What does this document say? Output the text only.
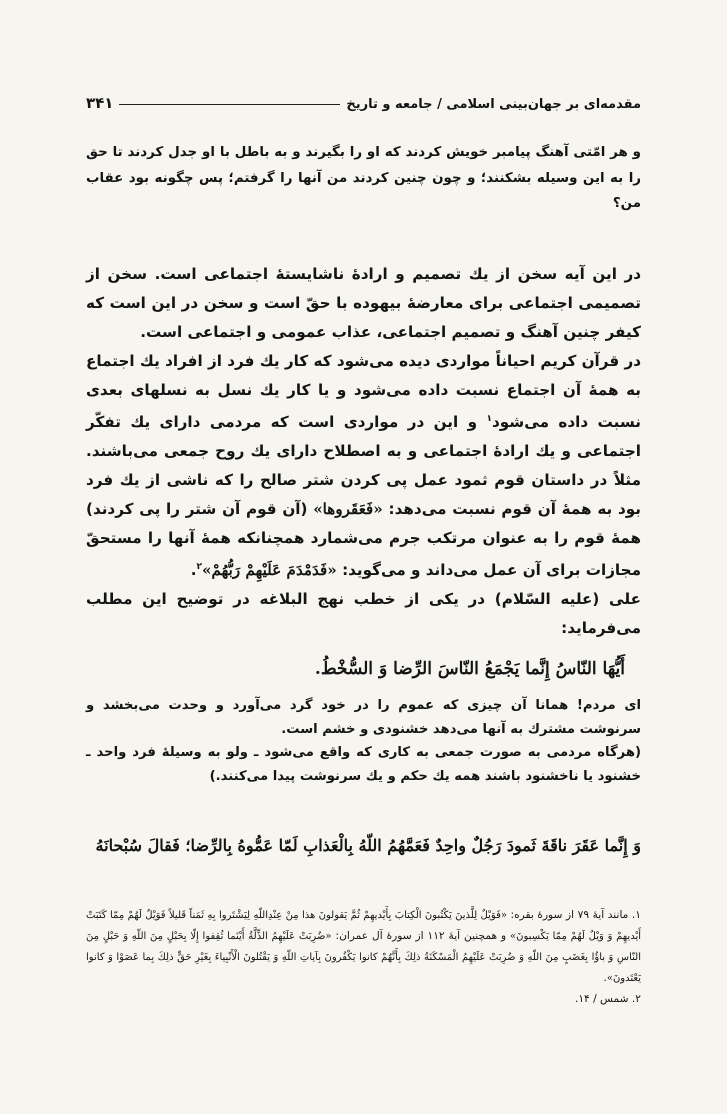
مقدمه‌ای بر جهان‌بینی اسلامی / جامعه و تاریخ
۳۴۱

و هر امّتی آهنگ پیامبر خویش کردند که او را بگیرند و به باطل با او جدل کردند تا حق را به این وسیله بشکنند؛ و چون چنین کردند من آنها را گرفتم؛ پس چگونه بود عقاب من؟

در این آیه سخن از یك تصمیم و ارادهٔ ناشایستهٔ اجتماعی است. سخن از تصمیمی اجتماعی برای معارضهٔ بیهوده با حقّ است و سخن در این است که کیفر چنین آهنگ و تصمیم اجتماعی، عذاب عمومی و اجتماعی است.

در قرآن کریم احیاناً مواردی دیده می‌شود که کار یك فرد از افراد یك اجتماع به همهٔ آن اجتماع نسبت داده می‌شود و یا کار یك نسل به نسلهای بعدی نسبت داده می‌شود$^۱$ و این در مواردی است که مردمی دارای یك تفکّر اجتماعی و یك ارادهٔ اجتماعی و به اصطلاح دارای یك روح جمعی می‌باشند. مثلاً در داستان قوم ثمود عمل پی کردن شتر صالح را که ناشی از یك فرد بود به همهٔ آن قوم نسبت می‌دهد: «فَعَقَروها» (آن قوم آن شتر را پی کردند) همهٔ قوم را به عنوان مرتکب جرم می‌شمارد همچنانکه همهٔ آنها را مستحقّ مجازات برای آن عمل می‌داند و می‌گوید: «فَدَمْدَمَ عَلَیْهِمْ رَبُّهُمْ»$^۲$.

علی (علیه السّلام) در یکی از خطب نهج البلاغه در توضیح این مطلب می‌فرماید:

أَیُّهَا النّاسُ إِنَّما یَجْمَعُ النّاسَ الرِّضا وَ السُّخْطُ.

ای مردم! همانا آن چیزی که عموم را در خود گرد می‌آورد و وحدت می‌بخشد و سرنوشت مشترك به آنها می‌دهد خشنودی و خشم است.

(هرگاه مردمی به صورت جمعی به کاری که واقع می‌شود ـ ولو به وسیلهٔ فرد واحد ـ خشنود یا ناخشنود باشند همه یك حکم و یك سرنوشت پیدا می‌کنند.)

وَ إِنَّما عَقَرَ ناقَةَ ثَمودَ رَجُلٌ واحِدٌ فَعَمَّهُمُ اللّهُ بِالْعَذابِ لَمّا عَمُّوهُ بِالرِّضا؛ فَقالَ سُبْحانَهُ

۱. مانند آیهٔ ۷۹ از سورهٔ بقره: «فَوَیْلٌ لِلَّذینَ یَکْتُبونَ الْکِتابَ بِأَیْدیهِمْ ثُمَّ یَقولونَ هذا مِنْ عِنْدِاللّهِ لِیَشْتَروا بِهِ ثَمَناً قَلیلاً فَوَیْلٌ لَهُمْ مِمّا کَتَبَتْ أَیْدیهِمْ وَ وَیْلٌ لَهُمْ مِمّا یَکْسِبونَ» و همچنین آیهٔ ۱۱۲ از سورهٔ آل عمران: «ضُرِبَتْ عَلَیْهِمُ الذِّلَّةُ أَیْنَما ثُقِفوا إِلّا بِحَبْلٍ مِنَ اللّهِ وَ حَبْلٍ مِنَ النّاسِ وَ باؤُا بِغَضَبٍ مِنَ اللّهِ وَ ضُرِبَتْ عَلَیْهِمُ الْمَسْکَنَةُ ذلِكَ بِأَنَّهُمْ کانوا یَکْفُرونَ بِآیاتِ اللّهِ وَ یَقْتُلونَ الْأَنْبِیاءَ بِغَیْرِ حَقٍّ ذلِكَ بِما عَصَوْا وَ کانوا یَعْتَدونَ».

۲. شمس / ۱۴.
